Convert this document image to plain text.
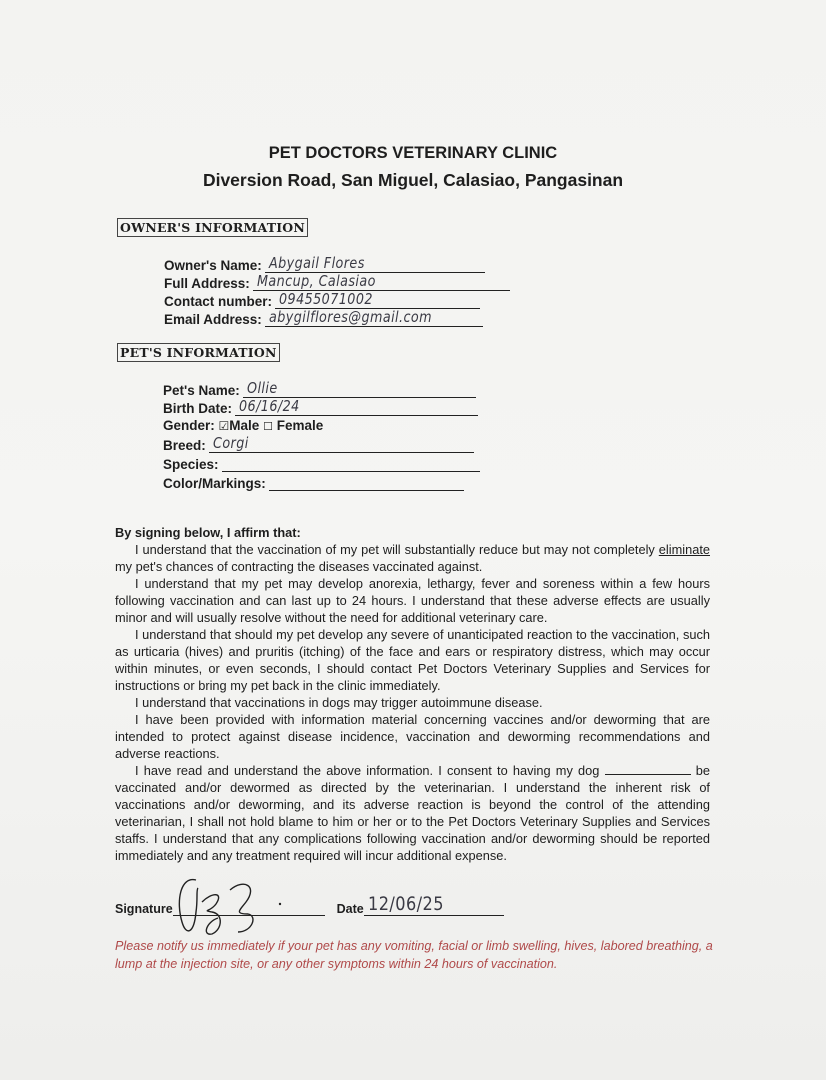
PET DOCTORS VETERINARY CLINIC
Diversion Road, San Miguel, Calasiao, Pangasinan
OWNER'S INFORMATION
Owner's Name: Abygail Flores
Full Address: Mancup, Calasiao
Contact number: 09455071002
Email Address: abygilflores@gmail.com
PET'S INFORMATION
Pet's Name: Ollie
Birth Date: 06/16/24
Gender:
☑ Male
☐
Female
Breed: Corgi
Species:
Color/Markings:

By signing below, I affirm that:

I understand that the vaccination of my pet will substantially reduce but may not completely eliminate my pet's chances of contracting the diseases vaccinated against.

I understand that my pet may develop anorexia, lethargy, fever and soreness within a few hours following vaccination and can last up to 24 hours. I understand that these adverse effects are usually minor and will usually resolve without the need for additional veterinary care.

I understand that should my pet develop any severe of unanticipated reaction to the vaccination, such as urticaria (hives) and pruritis (itching) of the face and ears or respiratory distress, which may occur within minutes, or even seconds, I should contact Pet Doctors Veterinary Supplies and Services for instructions or bring my pet back in the clinic immediately.

I understand that vaccinations in dogs may trigger autoimmune disease.

I have been provided with information material concerning vaccines and/or deworming that are intended to protect against disease incidence, vaccination and deworming recommendations and adverse reactions.

I have read and understand the above information. I consent to having my dog	be vaccinated and/or dewormed as directed by the veterinarian. I understand the inherent risk of vaccinations and/or deworming, and its adverse reaction is beyond the control of the attending veterinarian, I shall not hold blame to him or her or to the Pet Doctors Veterinary Supplies and Services staffs. I understand that any complications following vaccination and/or deworming should be reported immediately and any treatment required will incur additional expense.

Signature	Date 12/06/25
Please notify us immediately if your pet has any vomiting, facial or limb swelling, hives, labored breathing, a lump at the injection site, or any other symptoms within 24 hours of vaccination.
